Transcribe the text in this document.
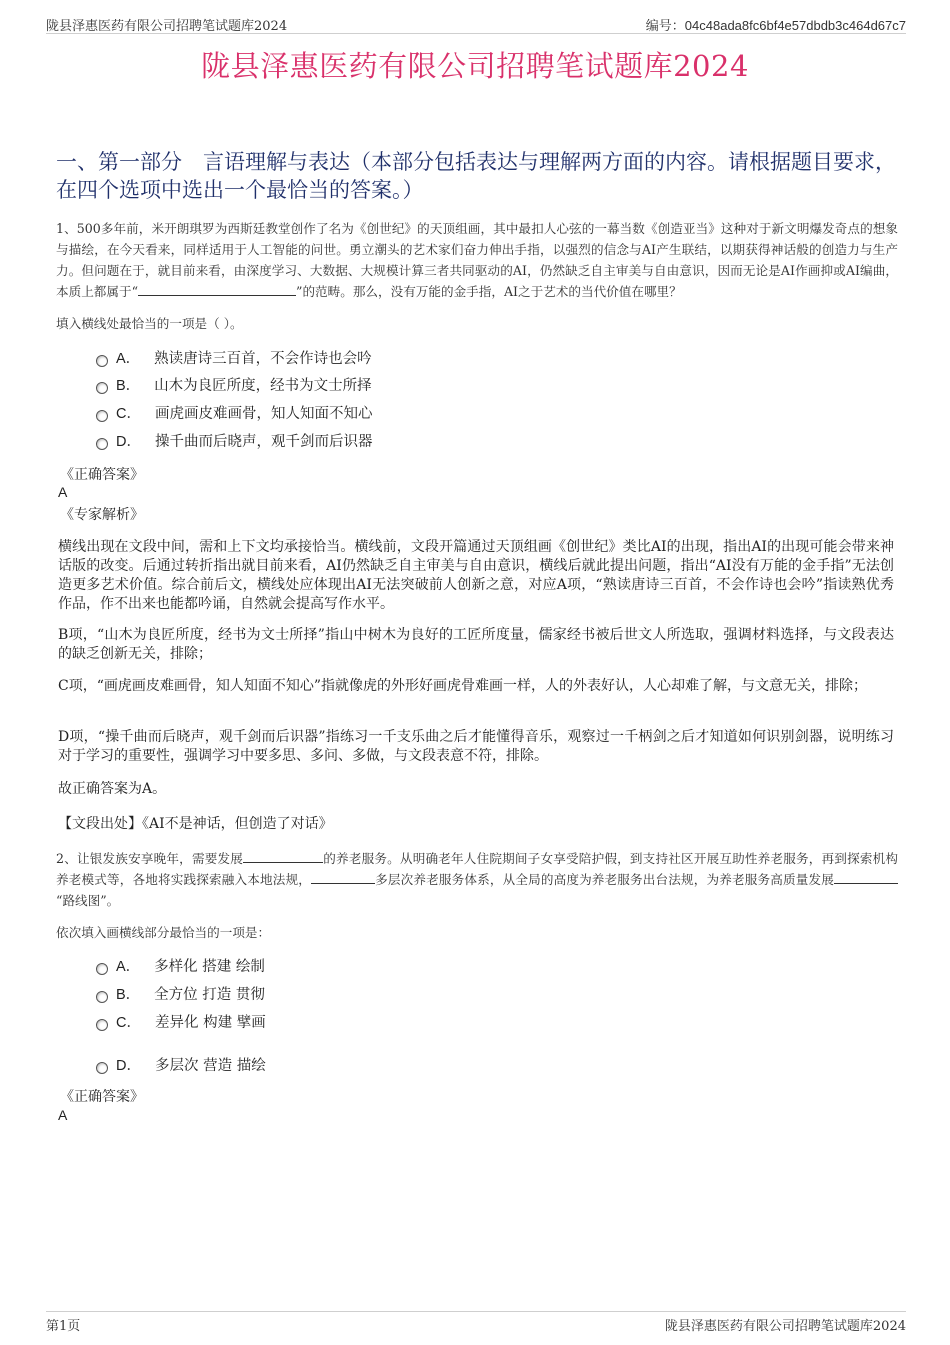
陇县泽惠医药有限公司招聘笔试题库2024	编号：04c48ada8fc6bf4e57dbdb3c464d67c7
陇县泽惠医药有限公司招聘笔试题库2024
一、第一部分　言语理解与表达（本部分包括表达与理解两方面的内容。请根据题目要求，在四个选项中选出一个最恰当的答案。）
1、500多年前，米开朗琪罗为西斯廷教堂创作了名为《创世纪》的天顶组画，其中最扣人心弦的一幕当数《创造亚当》这种对于新文明爆发奇点的想象与描绘，在今天看来，同样适用于人工智能的问世。勇立潮头的艺术家们奋力伸出手指，以强烈的信念与AI产生联结，以期获得神话般的创造力与生产力。但问题在于，就目前来看，由深度学习、大数据、大规模计算三者共同驱动的AI，仍然缺乏自主审美与自由意识，因而无论是AI作画抑或AI编曲，本质上都属于“	”的范畴。那么，没有万能的金手指，AI之于艺术的当代价值在哪里？
填入横线处最恰当的一项是（ ）。
A． 熟读唐诗三百首，不会作诗也会吟
B． 山木为良匠所度，经书为文士所择
C． 画虎画皮难画骨，知人知面不知心
D． 操千曲而后晓声，观千剑而后识器
《正确答案》
A
《专家解析》
横线出现在文段中间，需和上下文均承接恰当。横线前，文段开篇通过天顶组画《创世纪》类比AI的出现，指出AI的出现可能会带来神话版的改变。后通过转折指出就目前来看，AI仍然缺乏自主审美与自由意识，横线后就此提出问题，指出“AI没有万能的金手指”无法创造更多艺术价值。综合前后文，横线处应体现出AI无法突破前人创新之意，对应A项，“熟读唐诗三百首，不会作诗也会吟”指读熟优秀作品，作不出来也能都吟诵，自然就会提高写作水平。
B项，“山木为良匠所度，经书为文士所择”指山中树木为良好的工匠所度量，儒家经书被后世文人所选取，强调材料选择，与文段表达的缺乏创新无关，排除；
C项，“画虎画皮难画骨，知人知面不知心”指就像虎的外形好画虎骨难画一样，人的外表好认，人心却难了解，与文意无关，排除；
D项，“操千曲而后晓声，观千剑而后识器”指练习一千支乐曲之后才能懂得音乐，观察过一千柄剑之后才知道如何识别剑器，说明练习对于学习的重要性，强调学习中要多思、多问、多做，与文段表意不符，排除。
故正确答案为A。
【文段出处】《AI不是神话，但创造了对话》
2、让银发族安享晚年，需要发展	的养老服务。从明确老年人住院期间子女享受陪护假，到支持社区开展互助性养老服务，再到探索机构养老模式等，各地将实践探索融入本地法规，	多层次养老服务体系，从全局的高度为养老服务出台法规，为养老服务高质量发展“路线图”。
依次填入画横线部分最恰当的一项是：
A． 多样化 搭建 绘制
B． 全方位 打造 贯彻
C． 差异化 构建 擘画
D． 多层次 营造 描绘
《正确答案》
A
第1页	陇县泽惠医药有限公司招聘笔试题库2024
